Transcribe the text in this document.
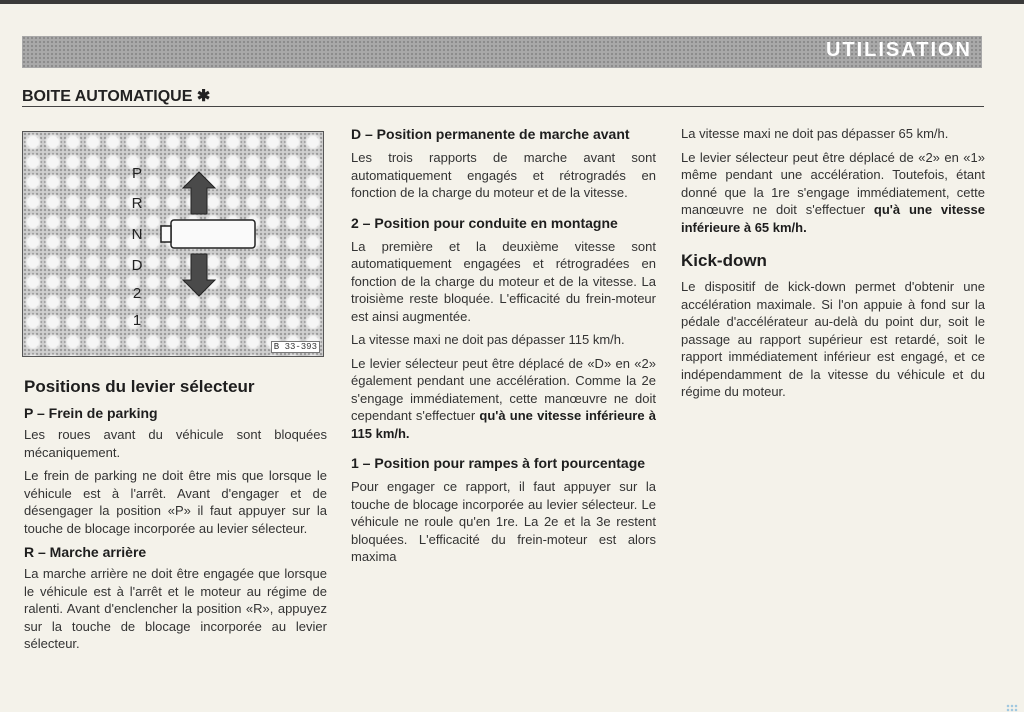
UTILISATION
BOITE AUTOMATIQUE ✱
P
R
N
D
2
1
B 33-393
Positions du levier sélecteur
P – Frein de parking

Les roues avant du véhicule sont bloquées mécaniquement.

Le frein de parking ne doit être mis que lorsque le véhicule est à l'arrêt. Avant d'engager et de désengager la position «P» il faut appuyer sur la touche de blocage incorporée au levier sélecteur.

R – Marche arrière

La marche arrière ne doit être engagée que lorsque le véhicule est à l'arrêt et le moteur au régime de ralenti. Avant d'enclencher la position «R», appuyez sur la touche de blocage incorporée au levier sélecteur.

D – Position permanente de marche avant

Les trois rapports de marche avant sont automatiquement engagés et rétrogradés en fonction de la charge du moteur et de la vitesse.

2 – Position pour conduite en montagne

La première et la deuxième vitesse sont automatiquement engagées et rétrogradées en fonction de la charge du moteur et de la vitesse. La troisième reste bloquée. L'efficacité du frein-moteur est ainsi augmentée.

La vitesse maxi ne doit pas dépasser 115 km/h.

Le levier sélecteur peut être déplacé de «D» en «2» également pendant une accélération. Comme la 2e s'engage immédiatement, cette manœuvre ne doit cependant s'effectuer qu'à une vitesse inférieure à 115 km/h.

1 – Position pour rampes à fort pourcentage

Pour engager ce rapport, il faut appuyer sur la touche de blocage incorporée au levier sélecteur. Le véhicule ne roule qu'en 1re. La 2e et la 3e restent bloquées. L'efficacité du frein-moteur est alors maxima

La vitesse maxi ne doit pas dépasser 65 km/h.

Le levier sélecteur peut être déplacé de «2» en «1» même pendant une accélération. Toutefois, étant donné que la 1re s'engage immédiatement, cette manœuvre ne doit s'effectuer qu'à une vitesse inférieure à 65 km/h.

Kick-down

Le dispositif de kick-down permet d'obtenir une accélération maximale. Si l'on appuie à fond sur la pédale d'accélérateur au-delà du point dur, soit le passage au rapport supérieur est retardé, soit le rapport immédiatement inférieur est engagé, et ce indépendamment de la vitesse du véhicule et du régime du moteur.
